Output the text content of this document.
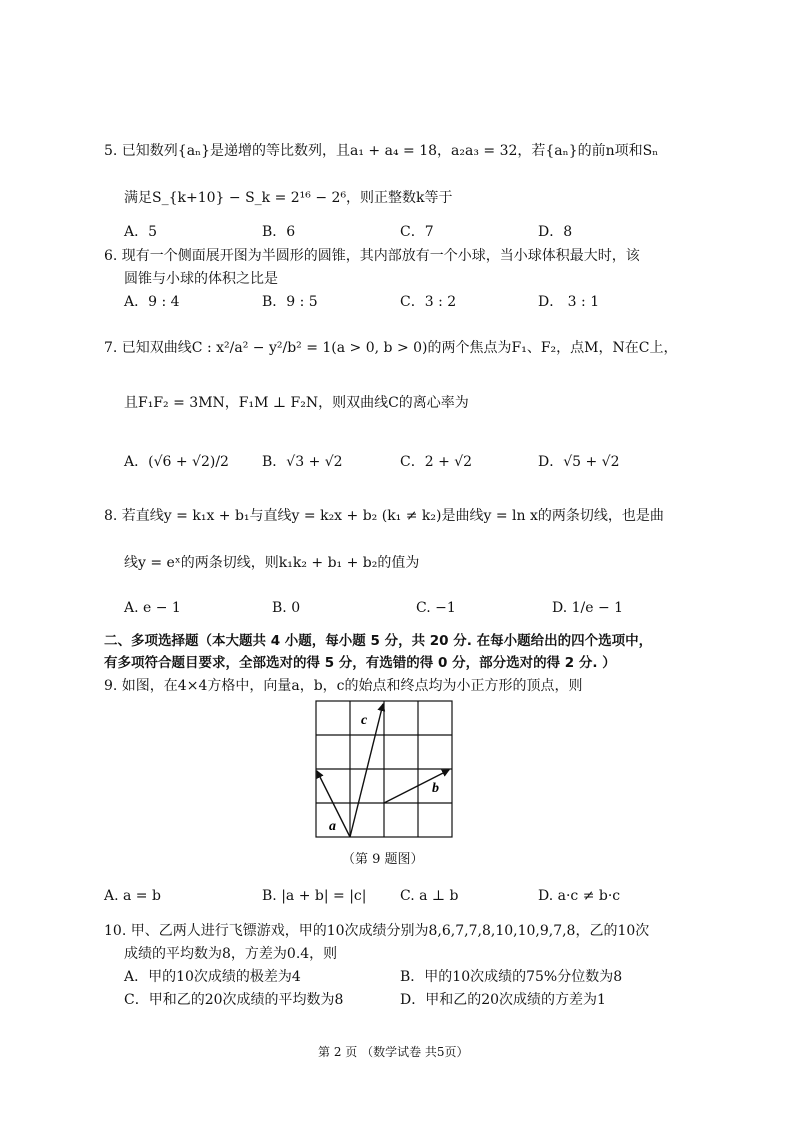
5. 已知数列{aₙ}是递增的等比数列，且a₁ + a₄ = 18，a₂a₃ = 32，若{aₙ}的前n项和Sₙ
满足S_{k+10} − S_k = 2¹⁶ − 2⁶，则正整数k等于
A．5	B．6	C．7	D．8
6. 现有一个侧面展开图为半圆形的圆锥，其内部放有一个小球，当小球体积最大时，该
圆锥与小球的体积之比是
A．9 : 4	B．9 : 5	C．3 : 2	D． 3 : 1
7. 已知双曲线C : x²/a² − y²/b² = 1(a > 0, b > 0)的两个焦点为F₁、F₂，点M，N在C上，
且F₁F₂ = 3MN，F₁M ⊥ F₂N，则双曲线C的离心率为
A．(√6 + √2)/2 B．√3 + √2	C．2 + √2	D．√5 + √2
8. 若直线y = k₁x + b₁与直线y = k₂x + b₂ (k₁ ≠ k₂)是曲线y = ln x的两条切线，也是曲
线y = eˣ的两条切线，则k₁k₂ + b₁ + b₂的值为
A. e − 1	B. 0	C. −1	D. 1/e − 1
二、多项选择题（本大题共 4 小题，每小题 5 分，共 20 分. 在每小题给出的四个选项中，
有多项符合题目要求，全部选对的得 5 分，有选错的得 0 分，部分选对的得 2 分. ）
9. 如图，在4×4方格中，向量a，b，c的始点和终点均为小正方形的顶点，则
a
b
c
（第 9 题图）
A. a = b	B. |a + b| = |c| C. a ⊥ b	D. a·c ≠ b·c
10. 甲、乙两人进行飞镖游戏，甲的10次成绩分别为8,6,7,7,8,10,10,9,7,8，乙的10次
成绩的平均数为8，方差为0.4，则
A．甲的10次成绩的极差为4	B．甲的10次成绩的75%分位数为8
C．甲和乙的20次成绩的平均数为8	D．甲和乙的20次成绩的方差为1
第 2 页 （数学试卷 共5页）
